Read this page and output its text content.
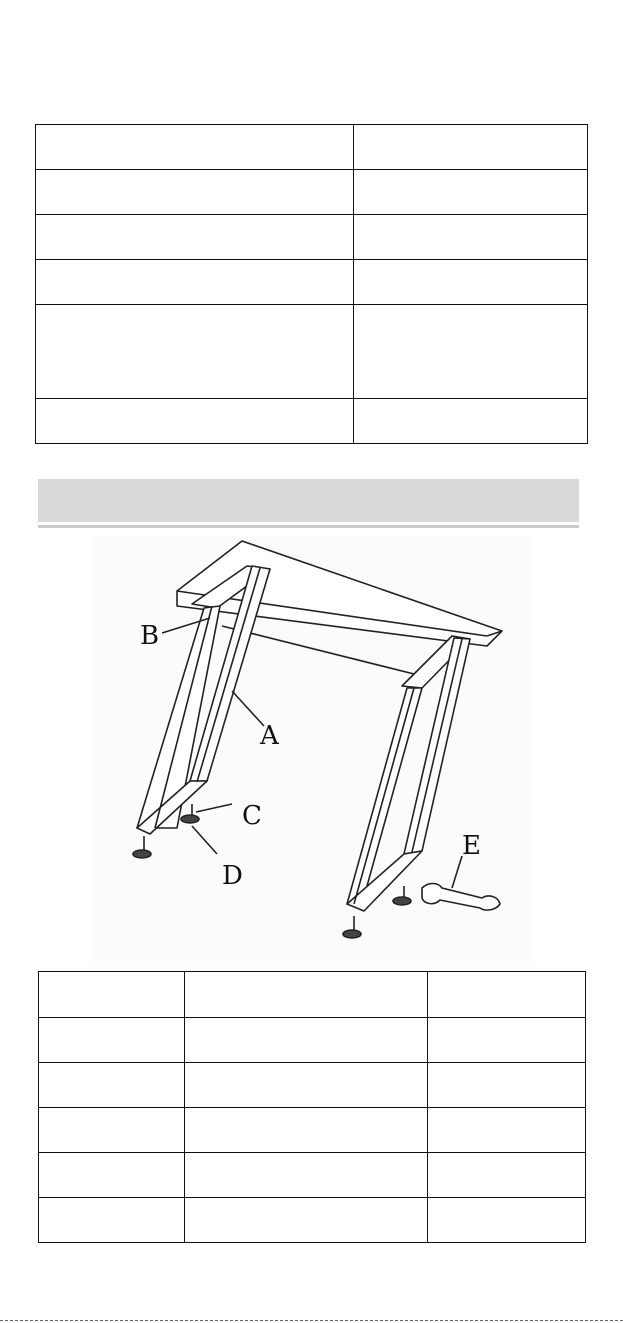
B
A
C
D
E
